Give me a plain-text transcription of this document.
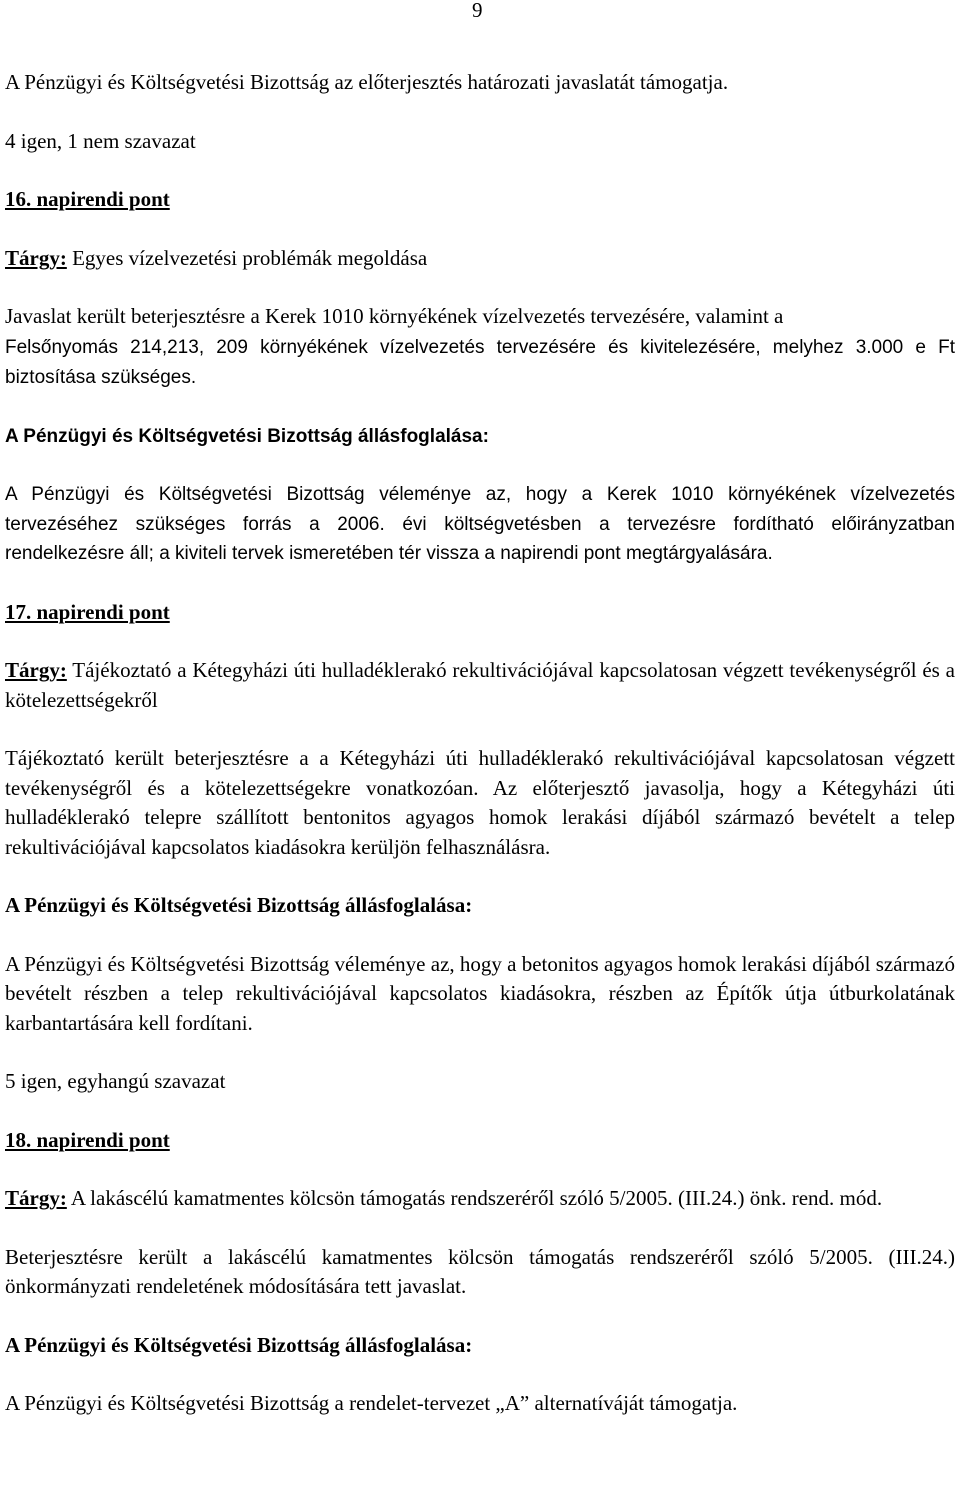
9

A Pénzügyi és Költségvetési Bizottság az előterjesztés határozati javaslatát támogatja.

4 igen, 1 nem szavazat

16. napirendi pont

Tárgy: Egyes vízelvezetési problémák megoldása

Javaslat került beterjesztésre a Kerek 1010 környékének vízelvezetés tervezésére, valamint a
Felsőnyomás 214,213, 209 környékének vízelvezetés tervezésére és kivitelezésére, melyhez 3.000 e Ft biztosítása szükséges.

A Pénzügyi és Költségvetési Bizottság állásfoglalása:

A Pénzügyi és Költségvetési Bizottság véleménye az, hogy a Kerek 1010 környékének vízelvezetés tervezéséhez szükséges forrás a 2006. évi költségvetésben a tervezésre fordítható előirányzatban rendelkezésre áll; a kiviteli tervek ismeretében tér vissza a napirendi pont megtárgyalására.

17. napirendi pont

Tárgy: Tájékoztató a Kétegyházi úti hulladéklerakó rekultivációjával kapcsolatosan végzett tevékenységről és a kötelezettségekről

Tájékoztató került beterjesztésre a a Kétegyházi úti hulladéklerakó rekultivációjával kapcsolatosan végzett tevékenységről és a kötelezettségekre vonatkozóan. Az előterjesztő javasolja, hogy a Kétegyházi úti hulladéklerakó telepre szállított bentonitos agyagos homok lerakási díjából származó bevételt a telep rekultivációjával kapcsolatos kiadásokra kerüljön felhasználásra.

A Pénzügyi és Költségvetési Bizottság állásfoglalása:

A Pénzügyi és Költségvetési Bizottság véleménye az, hogy a betonitos agyagos homok lerakási díjából származó bevételt részben a telep rekultivációjával kapcsolatos kiadásokra, részben az Építők útja útburkolatának karbantartására kell fordítani.

5 igen, egyhangú szavazat

18. napirendi pont

Tárgy: A lakáscélú kamatmentes kölcsön támogatás rendszeréről szóló 5/2005. (III.24.) önk. rend. mód.

Beterjesztésre került a lakáscélú kamatmentes kölcsön támogatás rendszeréről szóló 5/2005. (III.24.) önkormányzati rendeletének módosítására tett javaslat.

A Pénzügyi és Költségvetési Bizottság állásfoglalása:

A Pénzügyi és Költségvetési Bizottság a rendelet-tervezet „A” alternatíváját támogatja.
